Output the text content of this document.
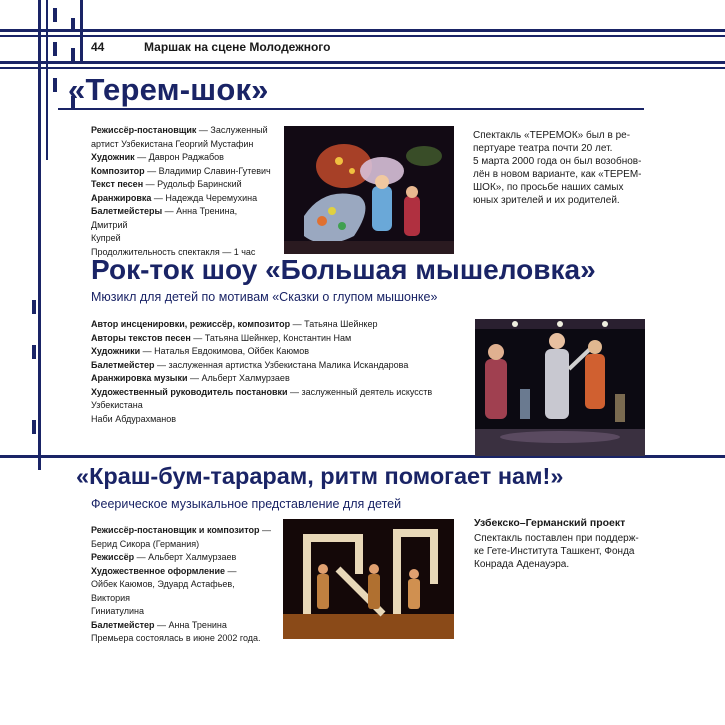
44	Маршак на сцене Молодежного
«Терем-шок»
Режиссёр-постановщик — Заслуженный
артист Узбекистана Георгий Мустафин
Художник — Даврон Раджабов
Композитор — Владимир Славин-Гутевич
Текст песен — Рудольф Баринский
Аранжировка — Надежда Черемухина
Балетмейстеры — Анна Тренина, Дмитрий
Купрей
Продолжительность спектакля — 1 час
Спектакль «ТЕРЕМОК» был в ре-
пертуаре театра почти 20 лет.
5 марта 2000 года он был возобнов-
лён в новом варианте, как «ТЕРЕМ-
ШОК», по просьбе наших самых
юных зрителей и их родителей.
Рок-ток шоу «Большая мышеловка»
Мюзикл для детей по мотивам «Сказки о глупом мышонке»
Автор инсценировки, режиссёр, композитор — Татьяна Шейнкер
Авторы текстов песен — Татьяна Шейнкер, Константин Нам
Художники — Наталья Евдокимова, Ойбек Каюмов
Балетмейстер — заслуженная артистка Узбекистана Малика Искандарова
Аранжировка музыки — Альберт Халмурзаев
Художественный руководитель постановки — заслуженный деятель искусств Узбекистана
Наби Абдурахманов
«Краш-бум-тарарам, ритм помогает нам!»
Феерическое музыкальное представление для детей
Режиссёр-постановщик и композитор —
Берид Сикора (Германия)
Режиссёр — Альберт Халмурзаев
Художественное оформление —
Ойбек Каюмов, Эдуард Астафьев, Виктория
Гиниатулина
Балетмейстер — Анна Тренина
Премьера состоялась в июне 2002 года.
Узбекско–Германский проект
Спектакль поставлен при поддерж-
ке Гете-Института Ташкент, Фонда
Конрада Аденауэра.
